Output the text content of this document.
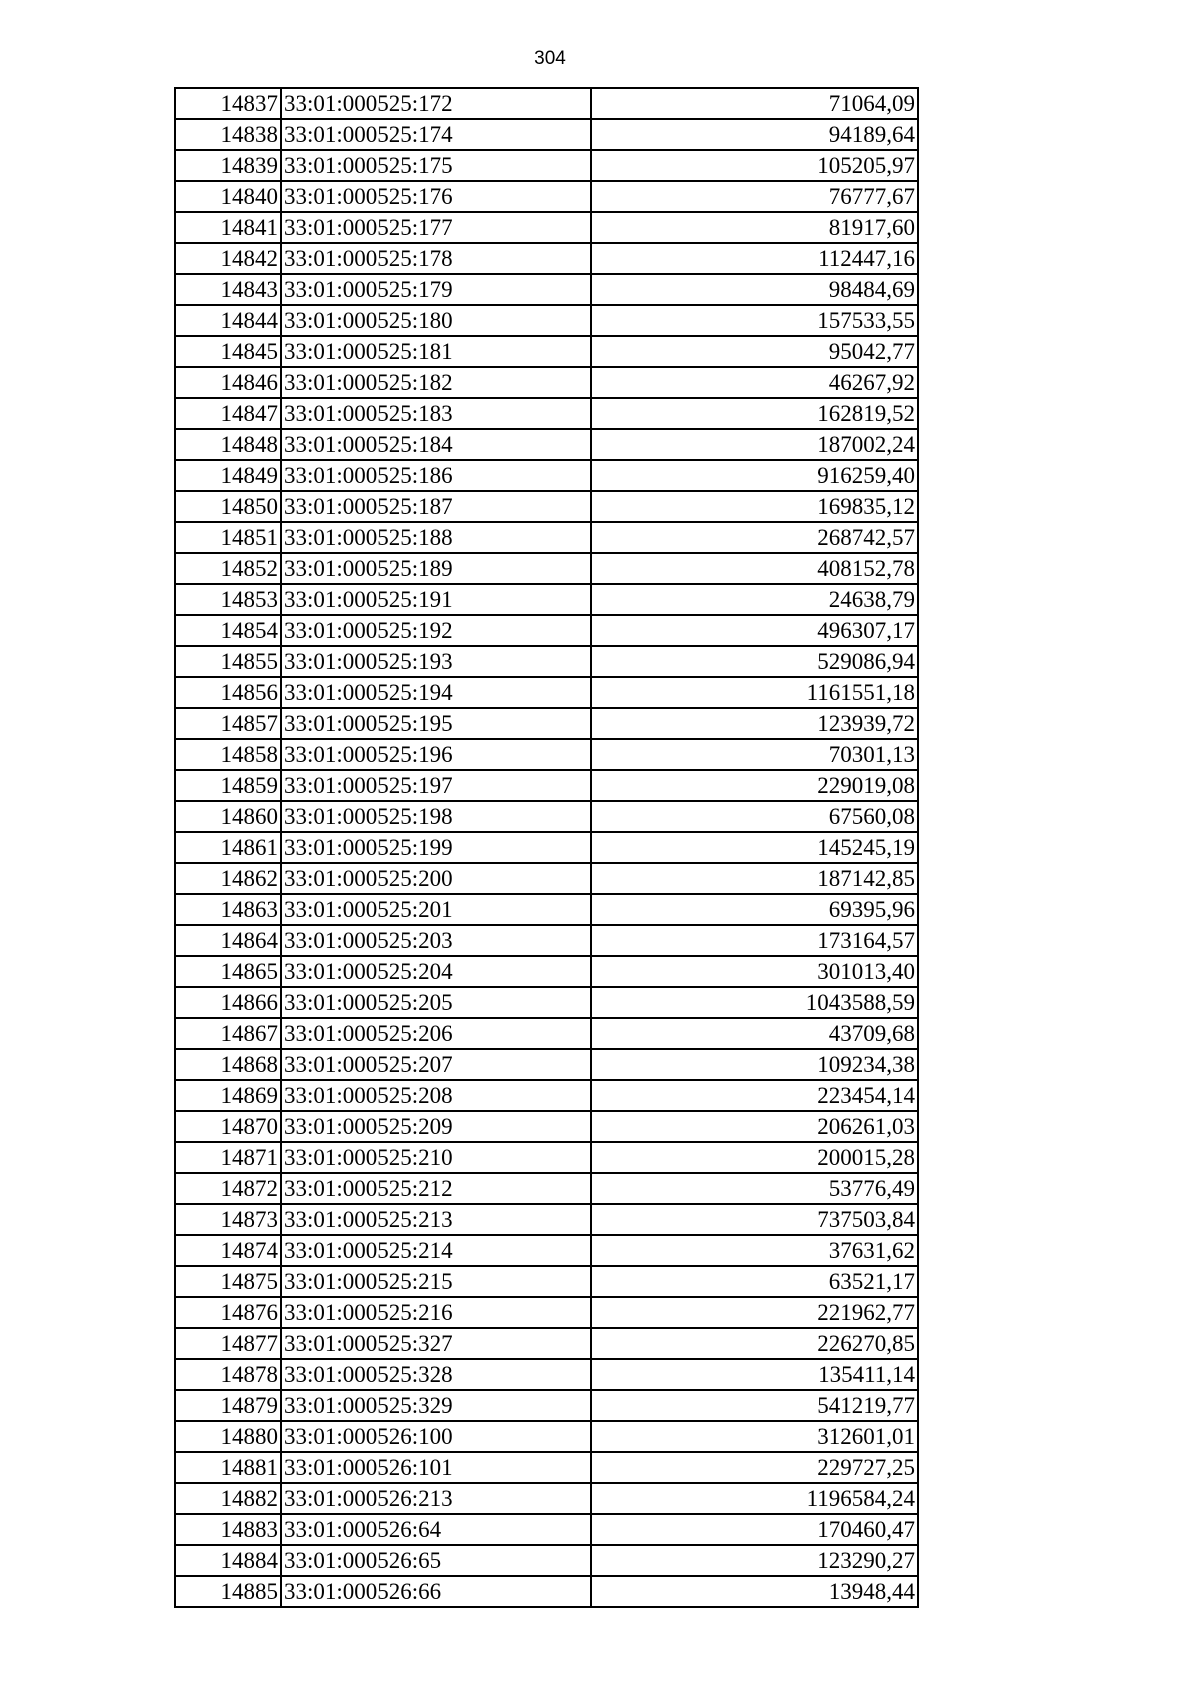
304
14837	33:01:000525:172	71064,09
14838	33:01:000525:174	94189,64
14839	33:01:000525:175	105205,97
14840	33:01:000525:176	76777,67
14841	33:01:000525:177	81917,60
14842	33:01:000525:178	112447,16
14843	33:01:000525:179	98484,69
14844	33:01:000525:180	157533,55
14845	33:01:000525:181	95042,77
14846	33:01:000525:182	46267,92
14847	33:01:000525:183	162819,52
14848	33:01:000525:184	187002,24
14849	33:01:000525:186	916259,40
14850	33:01:000525:187	169835,12
14851	33:01:000525:188	268742,57
14852	33:01:000525:189	408152,78
14853	33:01:000525:191	24638,79
14854	33:01:000525:192	496307,17
14855	33:01:000525:193	529086,94
14856	33:01:000525:194	1161551,18
14857	33:01:000525:195	123939,72
14858	33:01:000525:196	70301,13
14859	33:01:000525:197	229019,08
14860	33:01:000525:198	67560,08
14861	33:01:000525:199	145245,19
14862	33:01:000525:200	187142,85
14863	33:01:000525:201	69395,96
14864	33:01:000525:203	173164,57
14865	33:01:000525:204	301013,40
14866	33:01:000525:205	1043588,59
14867	33:01:000525:206	43709,68
14868	33:01:000525:207	109234,38
14869	33:01:000525:208	223454,14
14870	33:01:000525:209	206261,03
14871	33:01:000525:210	200015,28
14872	33:01:000525:212	53776,49
14873	33:01:000525:213	737503,84
14874	33:01:000525:214	37631,62
14875	33:01:000525:215	63521,17
14876	33:01:000525:216	221962,77
14877	33:01:000525:327	226270,85
14878	33:01:000525:328	135411,14
14879	33:01:000525:329	541219,77
14880	33:01:000526:100	312601,01
14881	33:01:000526:101	229727,25
14882	33:01:000526:213	1196584,24
14883	33:01:000526:64	170460,47
14884	33:01:000526:65	123290,27
14885	33:01:000526:66	13948,44
